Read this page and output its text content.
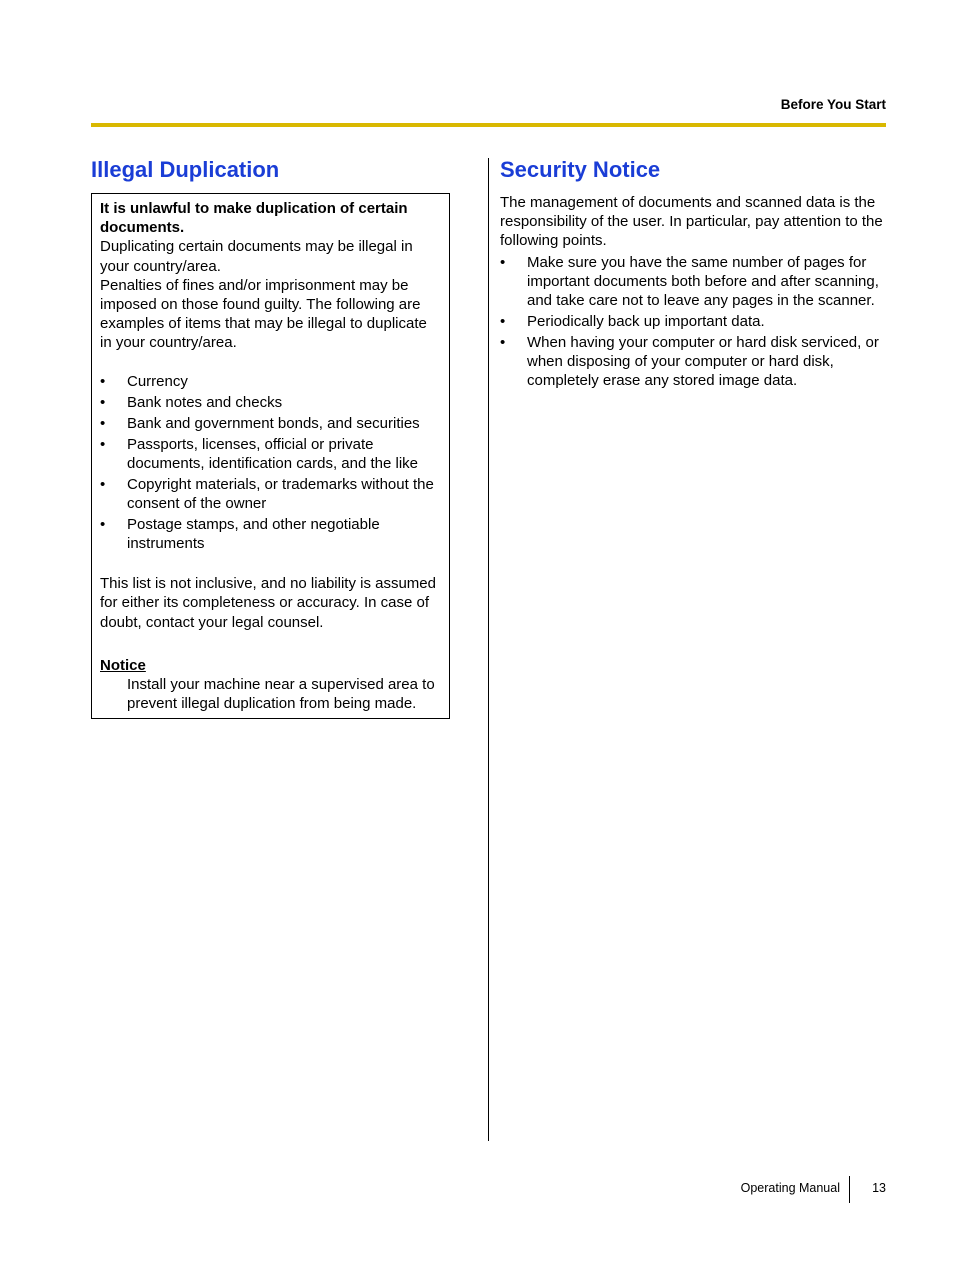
Before You Start
Illegal Duplication

It is unlawful to make duplication of certain documents.

Duplicating certain documents may be illegal in your country/area.

Penalties of fines and/or imprisonment may be imposed on those found guilty. The following are examples of items that may be illegal to duplicate in your country/area.

• Currency
• Bank notes and checks
• Bank and government bonds, and securities
• Passports, licenses, official or private documents, identification cards, and the like
• Copyright materials, or trademarks without the consent of the owner
• Postage stamps, and other negotiable instruments

This list is not inclusive, and no liability is assumed for either its completeness or accuracy. In case of doubt, contact your legal counsel.

Notice

Install your machine near a supervised area to prevent illegal duplication from being made.

Security Notice

The management of documents and scanned data is the responsibility of the user. In particular, pay attention to the following points.

• Make sure you have the same number of pages for important documents both before and after scanning, and take care not to leave any pages in the scanner.
• Periodically back up important data.
• When having your computer or hard disk serviced, or when disposing of your computer or hard disk, completely erase any stored image data.
Operating Manual	13
